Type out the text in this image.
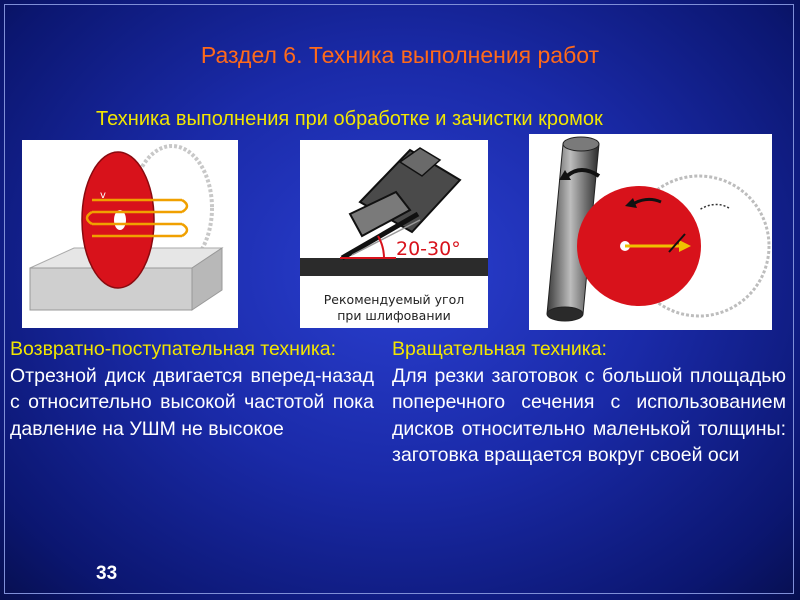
Раздел 6. Техника выполнения работ
Техника выполнения при обработке и зачистки кромок
v
20-30°
Рекомендуемый угол
при шлифовании
Возвратно-поступательная техника:
Отрезной диск двигается вперед-назад с относительно высокой частотой пока давление на УШМ не высокое
Вращательная техника:
Для резки заготовок с большой площадью поперечного сечения с использованием дисков относительно маленькой толщины: заготовка вращается вокруг своей оси
33
